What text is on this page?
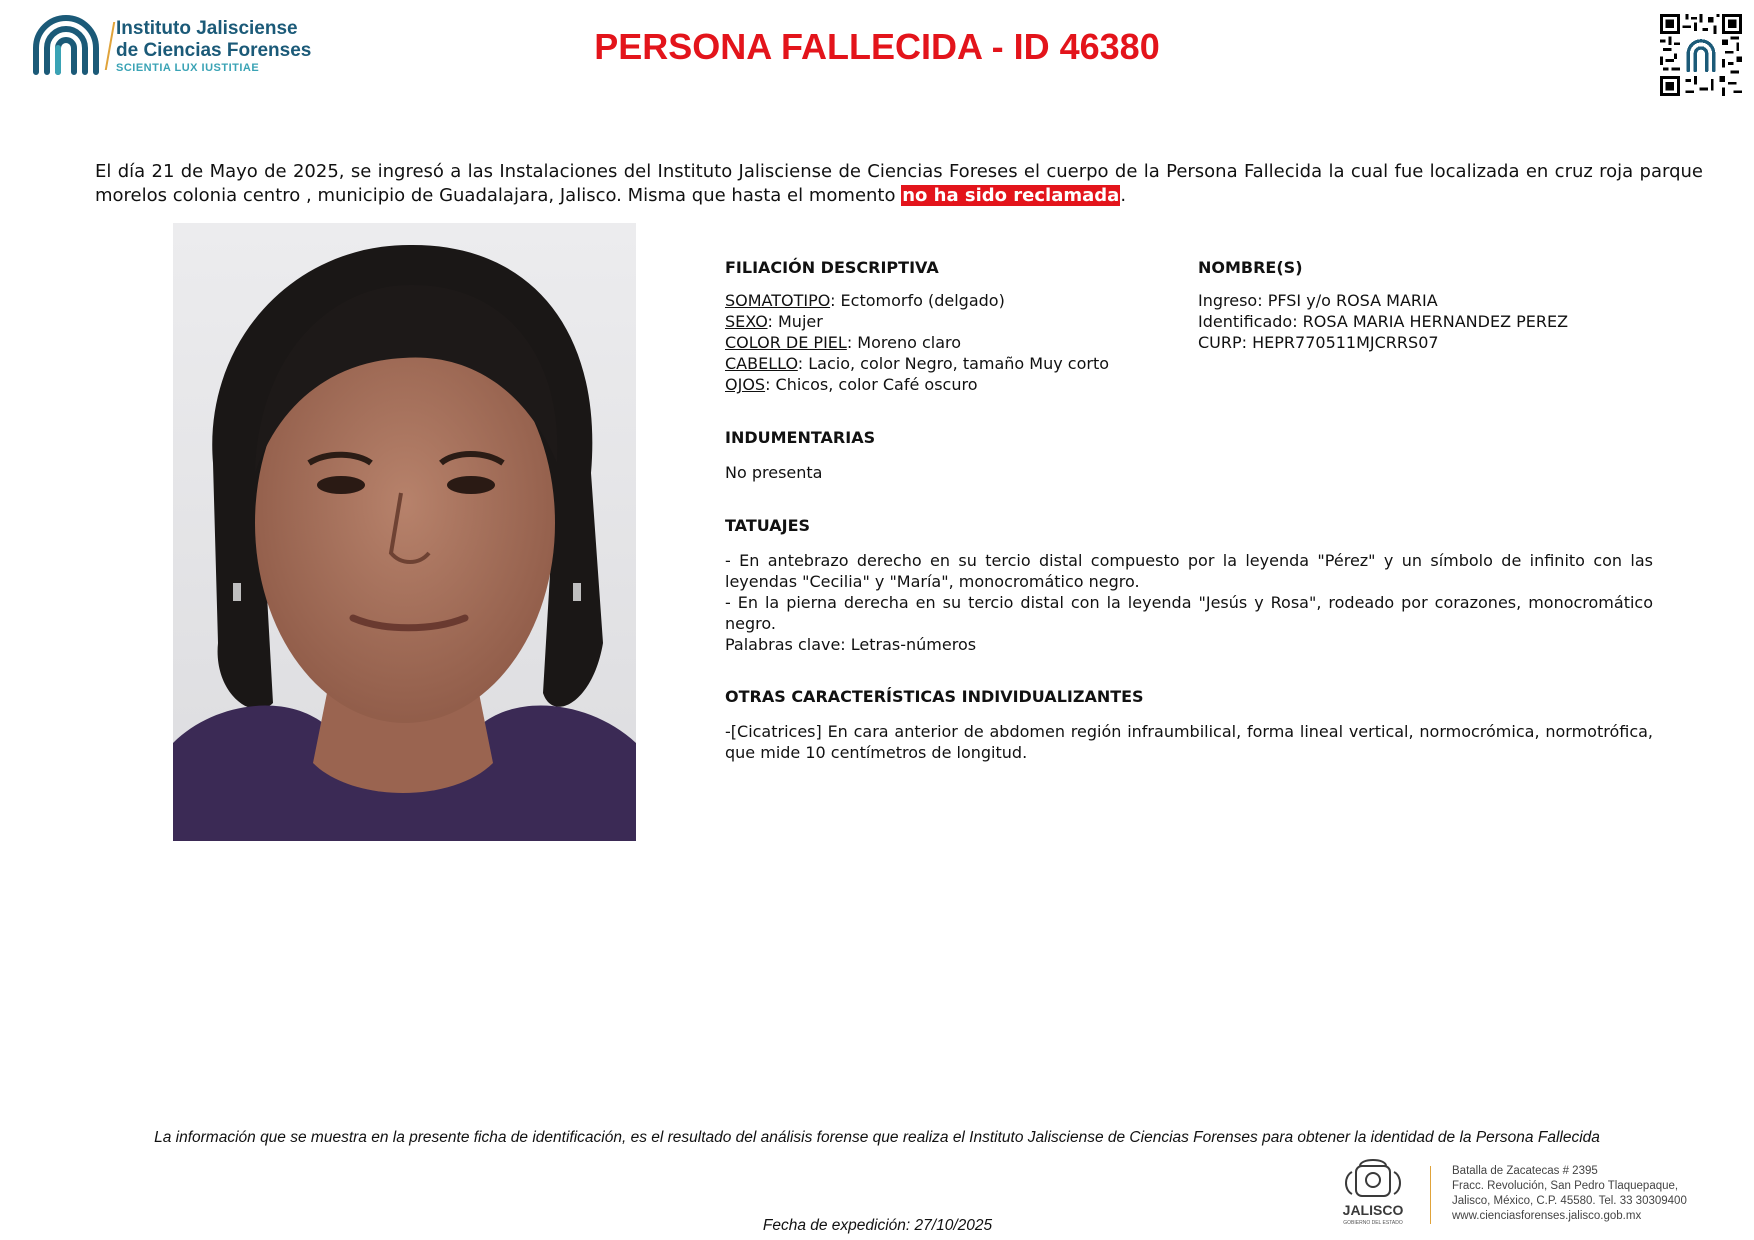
Instituto Jalisciense
de Ciencias Forenses
SCIENTIA LUX IUSTITIAE
PERSONA FALLECIDA - ID 46380
El día 21 de Mayo de 2025, se ingresó a las Instalaciones del Instituto Jalisciense de Ciencias Foreses el cuerpo de la Persona Fallecida la cual fue localizada en cruz roja parque morelos colonia centro , municipio de Guadalajara, Jalisco. Misma que hasta el momento no ha sido reclamada.
FILIACIÓN DESCRIPTIVA
SOMATOTIPO: Ectomorfo (delgado)
SEXO: Mujer
COLOR DE PIEL: Moreno claro
CABELLO: Lacio, color Negro, tamaño Muy corto
OJOS: Chicos, color Café oscuro
NOMBRE(S)
Ingreso: PFSI y/o ROSA MARIA
Identificado: ROSA MARIA HERNANDEZ PEREZ
CURP: HEPR770511MJCRRS07
INDUMENTARIAS
No presenta
TATUAJES
- En antebrazo derecho en su tercio distal compuesto por la leyenda "Pérez" y un símbolo de infinito con las leyendas "Cecilia" y "María", monocromático negro.
- En la pierna derecha en su tercio distal con la leyenda "Jesús y Rosa", rodeado por corazones, monocromático negro.
Palabras clave: Letras-números
OTRAS CARACTERÍSTICAS INDIVIDUALIZANTES
-[Cicatrices] En cara anterior de abdomen región infraumbilical, forma lineal vertical, normocrómica, normotrófica, que mide 10 centímetros de longitud.
La información que se muestra en la presente ficha de identificación, es el resultado del análisis forense que realiza el Instituto Jalisciense de Ciencias Forenses para obtener la identidad de la Persona Fallecida
JALISCO
GOBIERNO DEL ESTADO
Batalla de Zacatecas # 2395
Fracc. Revolución, San Pedro Tlaquepaque,
Jalisco, México, C.P. 45580. Tel. 33 30309400
www.cienciasforenses.jalisco.gob.mx
Fecha de expedición: 27/10/2025
